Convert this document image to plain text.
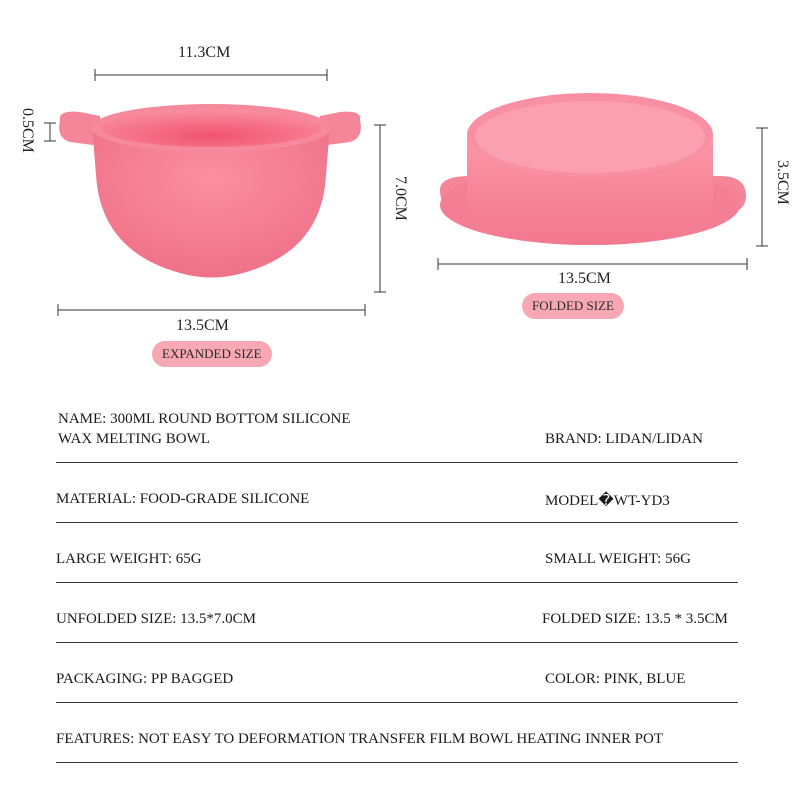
11.3CM
0.5CM
7.0CM
13.5CM
EXPANDED SIZE
3.5CM
13.5CM
FOLDED SIZE
NAME: 300ML ROUND BOTTOM SILICONE
WAX MELTING BOWL	BRAND: LIDAN/LIDAN
MATERIAL: FOOD-GRADE SILICONE	MODEL�WT-YD3
LARGE WEIGHT: 65G	SMALL WEIGHT: 56G
UNFOLDED SIZE: 13.5*7.0CM	FOLDED SIZE: 13.5 * 3.5CM
PACKAGING: PP BAGGED	COLOR: PINK, BLUE
FEATURES: NOT EASY TO DEFORMATION TRANSFER FILM BOWL HEATING INNER POT
